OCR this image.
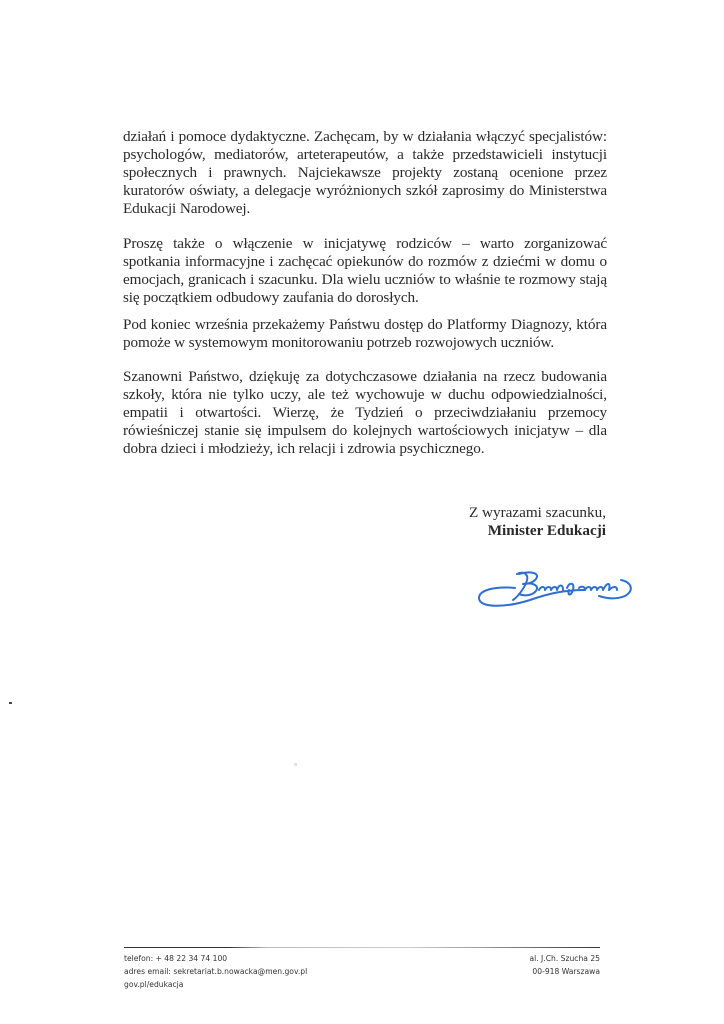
działań i pomoce dydaktyczne. Zachęcam, by w działania włączyć specjalistów: psychologów, mediatorów, arteterapeutów, a także przedstawicieli instytucji społecznych i prawnych. Najciekawsze projekty zostaną ocenione przez kuratorów oświaty, a delegacje wyróżnionych szkół zaprosimy do Ministerstwa Edukacji Narodowej.

Proszę także o włączenie w inicjatywę rodziców – warto zorganizować spotkania informacyjne i zachęcać opiekunów do rozmów z dziećmi w domu o emocjach, granicach i szacunku. Dla wielu uczniów to właśnie te rozmowy stają się początkiem odbudowy zaufania do dorosłych.

Pod koniec września przekażemy Państwu dostęp do Platformy Diagnozy, która pomoże w systemowym monitorowaniu potrzeb rozwojowych uczniów.

Szanowni Państwo, dziękuję za dotychczasowe działania na rzecz budowania szkoły, która nie tylko uczy, ale też wychowuje w duchu odpowiedzialności, empatii i otwartości. Wierzę, że Tydzień o przeciwdziałaniu przemocy rówieśniczej stanie się impulsem do kolejnych wartościowych inicjatyw – dla dobra dzieci i młodzieży, ich relacji i zdrowia psychicznego.

Z wyrazami szacunku,

Minister Edukacji
telefon: + 48 22 34 74 100
adres email: sekretariat.b.nowacka@men.gov.pl
gov.pl/edukacja
al. J.Ch. Szucha 25
00-918 Warszawa
